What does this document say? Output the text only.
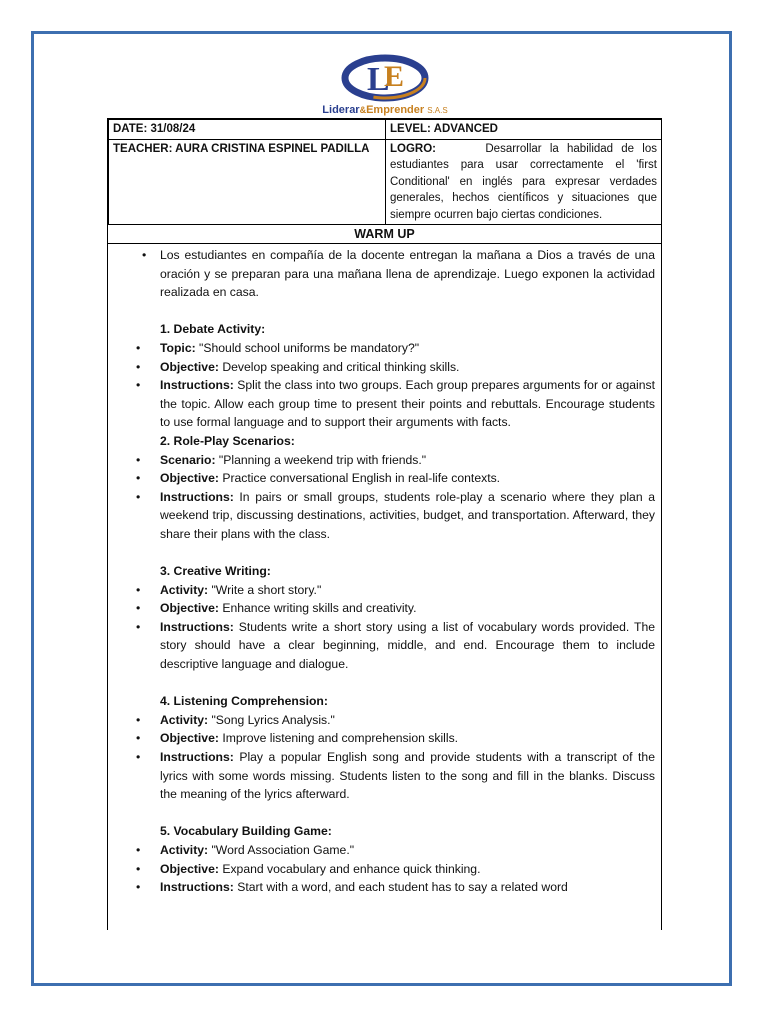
L
E
Liderar&Emprender S.A.S
DATE: 31/08/24	LEVEL: ADVANCED
TEACHER: AURA CRISTINA ESPINEL PADILLA	LOGRO: Desarrollar la habilidad de los estudiantes para usar correctamente el 'first Conditional' en inglés para expresar verdades generales, hechos científicos y situaciones que siempre ocurren bajo ciertas condiciones.
WARM UP
• Los estudiantes en compañía de la docente entregan la mañana a Dios a través de una oración y se preparan para una mañana llena de aprendizaje. Luego exponen la actividad realizada en casa.
1. Debate Activity:
• Topic: "Should school uniforms be mandatory?"
• Objective: Develop speaking and critical thinking skills.
• Instructions: Split the class into two groups. Each group prepares arguments for or against the topic. Allow each group time to present their points and rebuttals. Encourage students to use formal language and to support their arguments with facts.
2. Role-Play Scenarios:
• Scenario: "Planning a weekend trip with friends."
• Objective: Practice conversational English in real-life contexts.
• Instructions: In pairs or small groups, students role-play a scenario where they plan a weekend trip, discussing destinations, activities, budget, and transportation. Afterward, they share their plans with the class.
3. Creative Writing:
• Activity: "Write a short story."
• Objective: Enhance writing skills and creativity.
• Instructions: Students write a short story using a list of vocabulary words provided. The story should have a clear beginning, middle, and end. Encourage them to include descriptive language and dialogue.
4. Listening Comprehension:
• Activity: "Song Lyrics Analysis."
• Objective: Improve listening and comprehension skills.
• Instructions: Play a popular English song and provide students with a transcript of the lyrics with some words missing. Students listen to the song and fill in the blanks. Discuss the meaning of the lyrics afterward.
5. Vocabulary Building Game:
• Activity: "Word Association Game."
• Objective: Expand vocabulary and enhance quick thinking.
• Instructions: Start with a word, and each student has to say a related word
